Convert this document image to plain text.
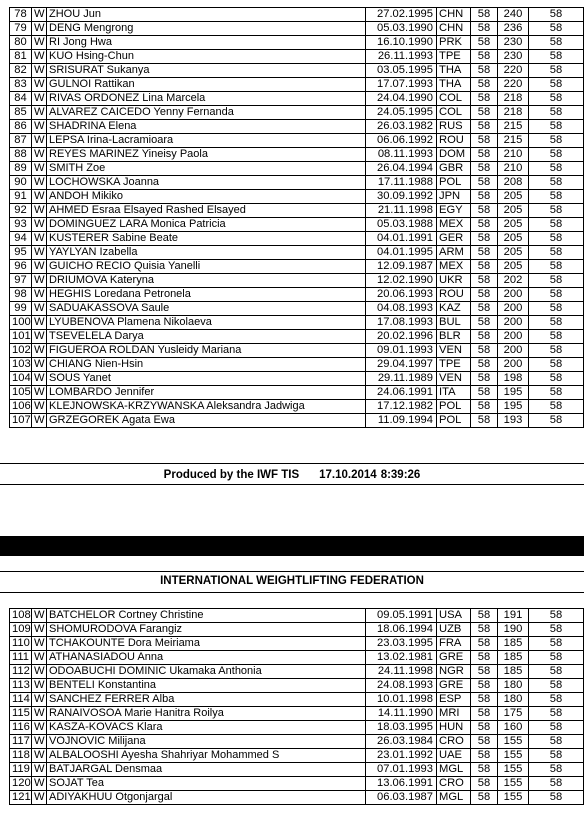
78	W	ZHOU Jun	27.02.1995	CHN	58	240	58
79	W	DENG Mengrong	05.03.1990	CHN	58	236	58
80	W	RI Jong Hwa	16.10.1990	PRK	58	230	58
81	W	KUO Hsing-Chun	26.11.1993	TPE	58	230	58
82	W	SRISURAT Sukanya	03.05.1995	THA	58	220	58
83	W	GULNOI Rattikan	17.07.1993	THA	58	220	58
84	W	RIVAS ORDONEZ Lina Marcela	24.04.1990	COL	58	218	58
85	W	ALVAREZ CAICEDO Yenny Fernanda	24.05.1995	COL	58	218	58
86	W	SHADRINA Elena	26.03.1982	RUS	58	215	58
87	W	LEPSA Irina-Lacramioara	06.06.1992	ROU	58	215	58
88	W	REYES MARINEZ Yineisy Paola	08.11.1993	DOM	58	210	58
89	W	SMITH Zoe	26.04.1994	GBR	58	210	58
90	W	LOCHOWSKA Joanna	17.11.1988	POL	58	208	58
91	W	ANDOH Mikiko	30.09.1992	JPN	58	205	58
92	W	AHMED Esraa Elsayed Rashed Elsayed	21.11.1998	EGY	58	205	58
93	W	DOMINGUEZ LARA Monica Patricia	05.03.1988	MEX	58	205	58
94	W	KUSTERER Sabine Beate	04.01.1991	GER	58	205	58
95	W	YAYLYAN Izabella	04.01.1995	ARM	58	205	58
96	W	GUICHO RECIO Quisia Yanelli	12.09.1987	MEX	58	205	58
97	W	DRIUMOVA Kateryna	12.02.1990	UKR	58	202	58
98	W	HEGHIS Loredana Petronela	20.06.1993	ROU	58	200	58
99	W	SADUAKASSOVA Saule	04.08.1993	KAZ	58	200	58
100	W	LYUBENOVA Plamena Nikolaeva	17.08.1993	BUL	58	200	58
101	W	TSEVELELA Darya	20.02.1996	BLR	58	200	58
102	W	FIGUEROA ROLDAN Yusleidy Mariana	09.01.1993	VEN	58	200	58
103	W	CHIANG Nien-Hsin	29.04.1997	TPE	58	200	58
104	W	SOUS Yanet	29.11.1989	VEN	58	198	58
105	W	LOMBARDO Jennifer	24.06.1991	ITA	58	195	58
106	W	KLEJNOWSKA-KRZYWANSKA Aleksandra Jadwiga	17.12.1982	POL	58	195	58
107	W	GRZEGOREK Agata Ewa	11.09.1994	POL	58	193	58
Produced by the IWF TIS 17.10.2014 8:39:26
INTERNATIONAL WEIGHTLIFTING FEDERATION
108	W	BATCHELOR Cortney Christine	09.05.1991	USA	58	191	58
109	W	SHOMURODOVA Farangiz	18.06.1994	UZB	58	190	58
110	W	TCHAKOUNTE Dora Meiriama	23.03.1995	FRA	58	185	58
111	W	ATHANASIADOU Anna	13.02.1981	GRE	58	185	58
112	W	ODOABUCHI DOMINIC Ukamaka Anthonia	24.11.1998	NGR	58	185	58
113	W	BENTELI Konstantina	24.08.1993	GRE	58	180	58
114	W	SANCHEZ FERRER Alba	10.01.1998	ESP	58	180	58
115	W	RANAIVOSOA Marie Hanitra Roilya	14.11.1990	MRI	58	175	58
116	W	KASZA-KOVACS Klara	18.03.1995	HUN	58	160	58
117	W	VOJNOVIC Milijana	26.03.1984	CRO	58	155	58
118	W	ALBALOOSHI Ayesha Shahriyar Mohammed S	23.01.1992	UAE	58	155	58
119	W	BATJARGAL Densmaa	07.01.1993	MGL	58	155	58
120	W	SOJAT Tea	13.06.1991	CRO	58	155	58
121	W	ADIYAKHUU Otgonjargal	06.03.1987	MGL	58	155	58
